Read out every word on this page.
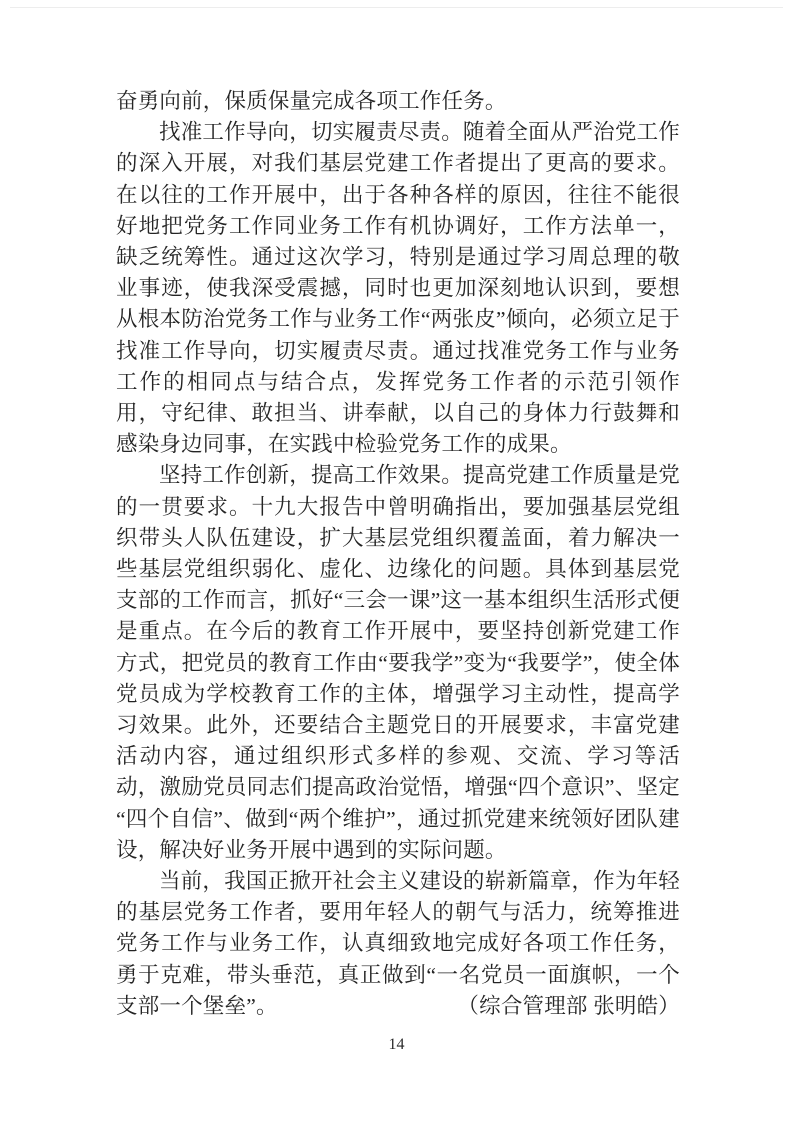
奋勇向前，保质保量完成各项工作任务。

找准工作导向，切实履责尽责。随着全面从严治党工作的深入开展，对我们基层党建工作者提出了更高的要求。在以往的工作开展中，出于各种各样的原因，往往不能很好地把党务工作同业务工作有机协调好，工作方法单一，缺乏统筹性。通过这次学习，特别是通过学习周总理的敬业事迹，使我深受震撼，同时也更加深刻地认识到，要想从根本防治党务工作与业务工作“两张皮”倾向，必须立足于找准工作导向，切实履责尽责。通过找准党务工作与业务工作的相同点与结合点，发挥党务工作者的示范引领作用，守纪律、敢担当、讲奉献，以自己的身体力行鼓舞和感染身边同事，在实践中检验党务工作的成果。

坚持工作创新，提高工作效果。提高党建工作质量是党的一贯要求。十九大报告中曾明确指出，要加强基层党组织带头人队伍建设，扩大基层党组织覆盖面，着力解决一些基层党组织弱化、虚化、边缘化的问题。具体到基层党支部的工作而言，抓好“三会一课”这一基本组织生活形式便是重点。在今后的教育工作开展中，要坚持创新党建工作方式，把党员的教育工作由“要我学”变为“我要学”，使全体党员成为学校教育工作的主体，增强学习主动性，提高学习效果。此外，还要结合主题党日的开展要求，丰富党建活动内容，通过组织形式多样的参观、交流、学习等活动，激励党员同志们提高政治觉悟，增强“四个意识”、坚定“四个自信”、做到“两个维护”，通过抓党建来统领好团队建设，解决好业务开展中遇到的实际问题。

当前，我国正掀开社会主义建设的崭新篇章，作为年轻的基层党务工作者，要用年轻人的朝气与活力，统筹推进党务工作与业务工作，认真细致地完成好各项工作任务，勇于克难，带头垂范，真正做到“一名党员一面旗帜，一个支部一个堡垒”。	（综合管理部 张明皓）

14
